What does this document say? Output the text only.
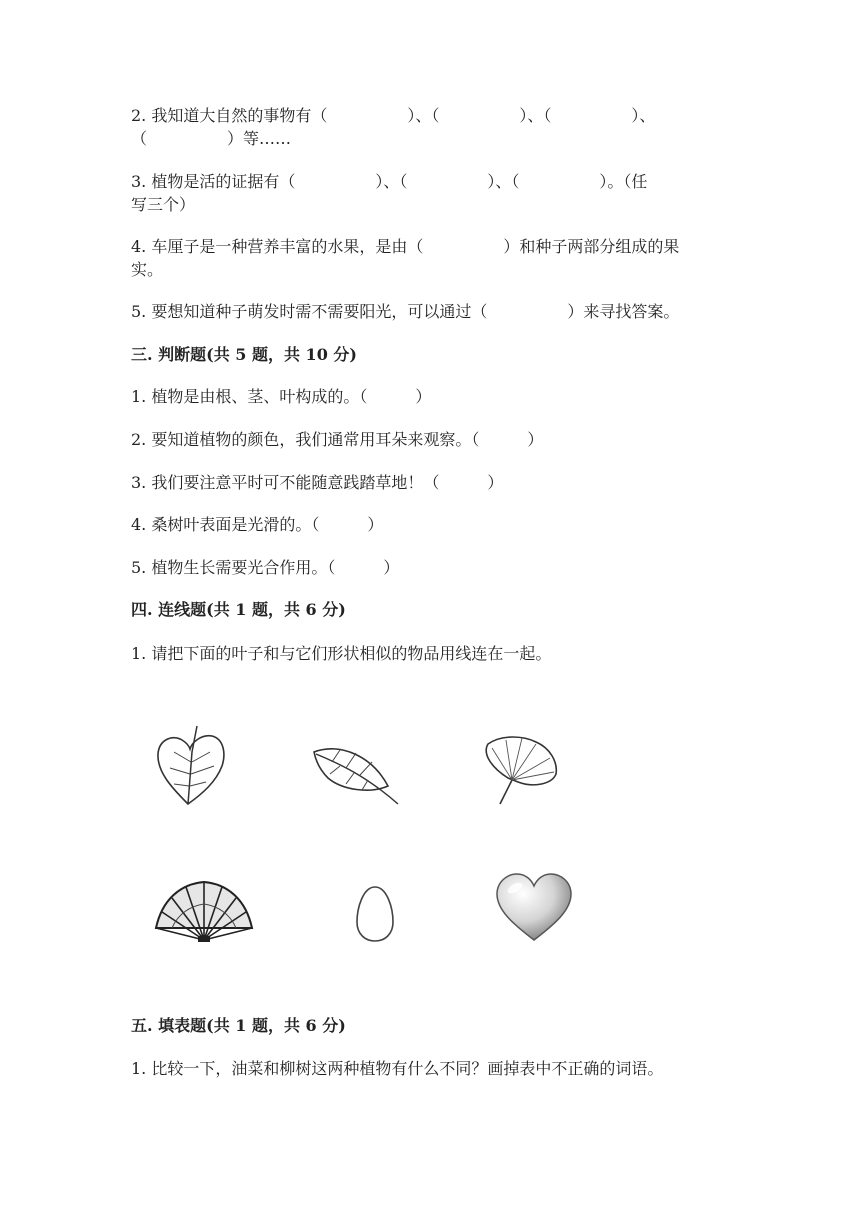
2. 我知道大自然的事物有（　　　　　）、（　　　　　）、（　　　　　）、

（　　　　　）等……

3. 植物是活的证据有（　　　　　）、（　　　　　）、（　　　　　）。（任

写三个）

4. 车厘子是一种营养丰富的水果，是由（　　　　　）和种子两部分组成的果

实。

5. 要想知道种子萌发时需不需要阳光，可以通过（　　　　　）来寻找答案。

三. 判断题(共 5 题，共 10 分)

1. 植物是由根、茎、叶构成的。（　　　）

2. 要知道植物的颜色，我们通常用耳朵来观察。（　　　）

3. 我们要注意平时可不能随意践踏草地！（　　　）

4. 桑树叶表面是光滑的。（　　　）

5. 植物生长需要光合作用。（　　　）

四. 连线题(共 1 题，共 6 分)

1. 请把下面的叶子和与它们形状相似的物品用线连在一起。

五. 填表题(共 1 题，共 6 分)

1. 比较一下，油菜和柳树这两种植物有什么不同？画掉表中不正确的词语。
